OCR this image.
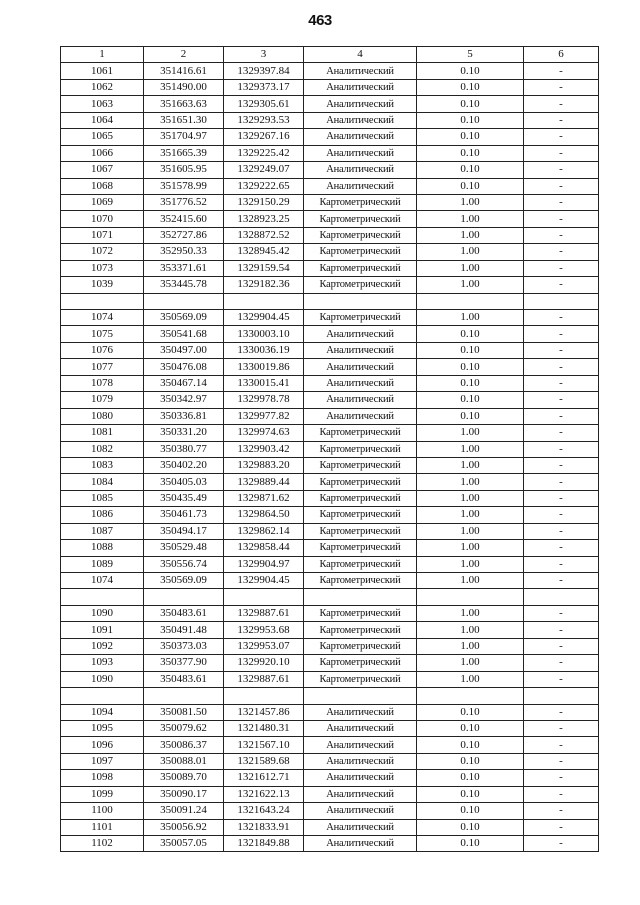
463
1	2	3	4	5	6
1061	351416.61	1329397.84	Аналитический	0.10	-
1062	351490.00	1329373.17	Аналитический	0.10	-
1063	351663.63	1329305.61	Аналитический	0.10	-
1064	351651.30	1329293.53	Аналитический	0.10	-
1065	351704.97	1329267.16	Аналитический	0.10	-
1066	351665.39	1329225.42	Аналитический	0.10	-
1067	351605.95	1329249.07	Аналитический	0.10	-
1068	351578.99	1329222.65	Аналитический	0.10	-
1069	351776.52	1329150.29	Картометрический	1.00	-
1070	352415.60	1328923.25	Картометрический	1.00	-
1071	352727.86	1328872.52	Картометрический	1.00	-
1072	352950.33	1328945.42	Картометрический	1.00	-
1073	353371.61	1329159.54	Картометрический	1.00	-
1039	353445.78	1329182.36	Картометрический	1.00	-

1074	350569.09	1329904.45	Картометрический	1.00	-
1075	350541.68	1330003.10	Аналитический	0.10	-
1076	350497.00	1330036.19	Аналитический	0.10	-
1077	350476.08	1330019.86	Аналитический	0.10	-
1078	350467.14	1330015.41	Аналитический	0.10	-
1079	350342.97	1329978.78	Аналитический	0.10	-
1080	350336.81	1329977.82	Аналитический	0.10	-
1081	350331.20	1329974.63	Картометрический	1.00	-
1082	350380.77	1329903.42	Картометрический	1.00	-
1083	350402.20	1329883.20	Картометрический	1.00	-
1084	350405.03	1329889.44	Картометрический	1.00	-
1085	350435.49	1329871.62	Картометрический	1.00	-
1086	350461.73	1329864.50	Картометрический	1.00	-
1087	350494.17	1329862.14	Картометрический	1.00	-
1088	350529.48	1329858.44	Картометрический	1.00	-
1089	350556.74	1329904.97	Картометрический	1.00	-
1074	350569.09	1329904.45	Картометрический	1.00	-

1090	350483.61	1329887.61	Картометрический	1.00	-
1091	350491.48	1329953.68	Картометрический	1.00	-
1092	350373.03	1329953.07	Картометрический	1.00	-
1093	350377.90	1329920.10	Картометрический	1.00	-
1090	350483.61	1329887.61	Картометрический	1.00	-

1094	350081.50	1321457.86	Аналитический	0.10	-
1095	350079.62	1321480.31	Аналитический	0.10	-
1096	350086.37	1321567.10	Аналитический	0.10	-
1097	350088.01	1321589.68	Аналитический	0.10	-
1098	350089.70	1321612.71	Аналитический	0.10	-
1099	350090.17	1321622.13	Аналитический	0.10	-
1100	350091.24	1321643.24	Аналитический	0.10	-
1101	350056.92	1321833.91	Аналитический	0.10	-
1102	350057.05	1321849.88	Аналитический	0.10	-
